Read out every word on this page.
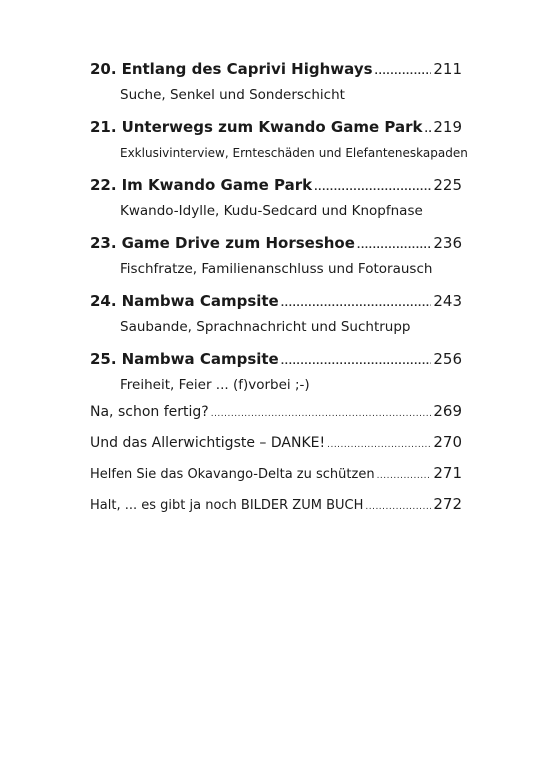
20. Entlang des Caprivi Highways .....	211
Suche, Senkel und Sonderschicht
21. Unterwegs zum Kwando Game Park ..... 219
Exklusivinterview, Ernteschäden und Elefanteneskapaden
22. Im Kwando Game Park .....	225
Kwando-Idylle, Kudu-Sedcard und Knopfnase
23. Game Drive zum Horseshoe .....	236
Fischfratze, Familienanschluss und Fotorausch
24. Nambwa Campsite .....	243
Saubande, Sprachnachricht und Suchtrupp
25. Nambwa Campsite .....	256
Freiheit, Feier ... (f)vorbei ;-)
Na, schon fertig? .....	269
Und das Allerwichtigste – DANKE! .....	270
Helfen Sie das Okavango-Delta zu schützen .....	271
Halt, ... es gibt ja noch BILDER ZUM BUCH .....	272
